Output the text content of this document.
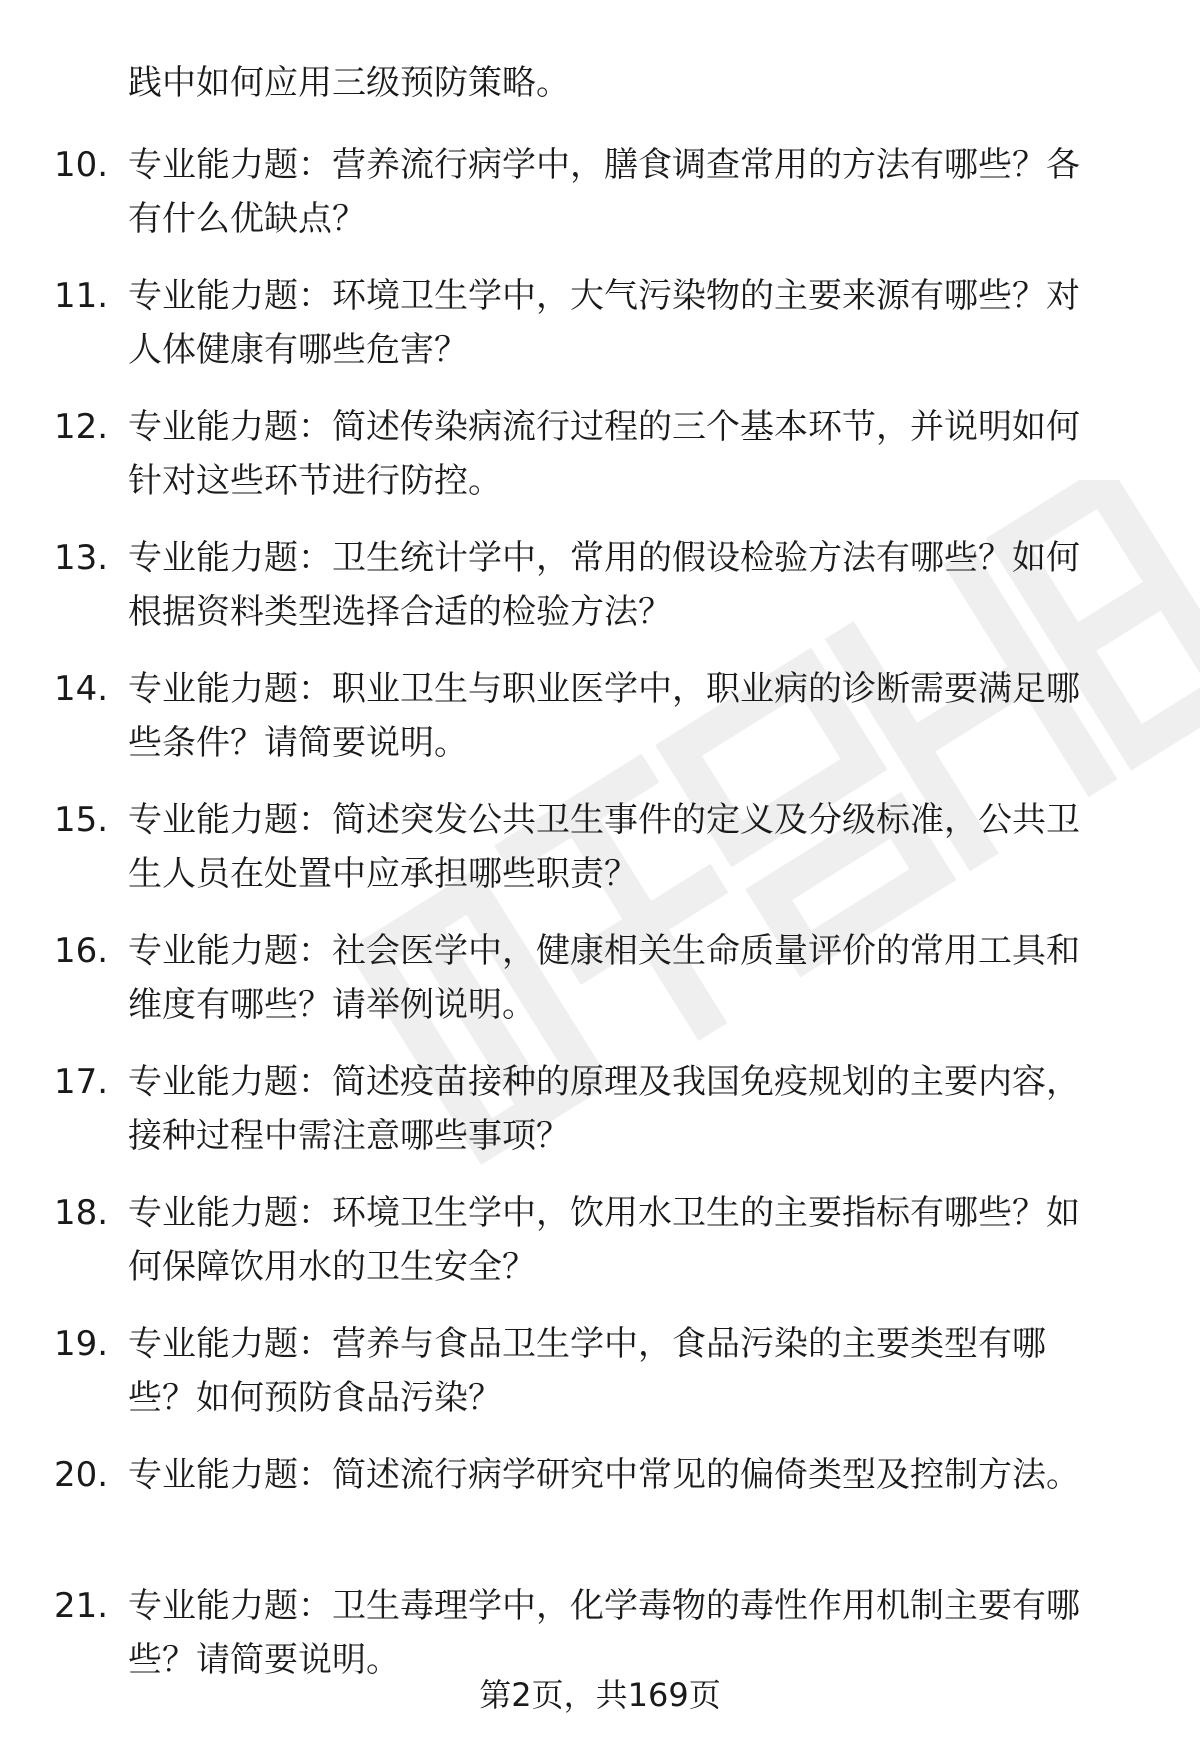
践中如何应用三级预防策略。
10. 专业能力题：营养流行病学中，膳食调查常用的方法有哪些？各
有什么优缺点？

11. 专业能力题：环境卫生学中，大气污染物的主要来源有哪些？对
人体健康有哪些危害？

12. 专业能力题：简述传染病流行过程的三个基本环节，并说明如何
针对这些环节进行防控。

13. 专业能力题：卫生统计学中，常用的假设检验方法有哪些？如何
根据资料类型选择合适的检验方法？

14. 专业能力题：职业卫生与职业医学中，职业病的诊断需要满足哪
些条件？请简要说明。

15. 专业能力题：简述突发公共卫生事件的定义及分级标准，公共卫
生人员在处置中应承担哪些职责？

16. 专业能力题：社会医学中，健康相关生命质量评价的常用工具和
维度有哪些？请举例说明。

17. 专业能力题：简述疫苗接种的原理及我国免疫规划的主要内容，
接种过程中需注意哪些事项？

18. 专业能力题：环境卫生学中，饮用水卫生的主要指标有哪些？如
何保障饮用水的卫生安全？

19. 专业能力题：营养与食品卫生学中，食品污染的主要类型有哪
些？如何预防食品污染？

20. 专业能力题：简述流行病学研究中常见的偏倚类型及控制方法。

21. 专业能力题：卫生毒理学中，化学毒物的毒性作用机制主要有哪
些？请简要说明。

第2页，共169页
